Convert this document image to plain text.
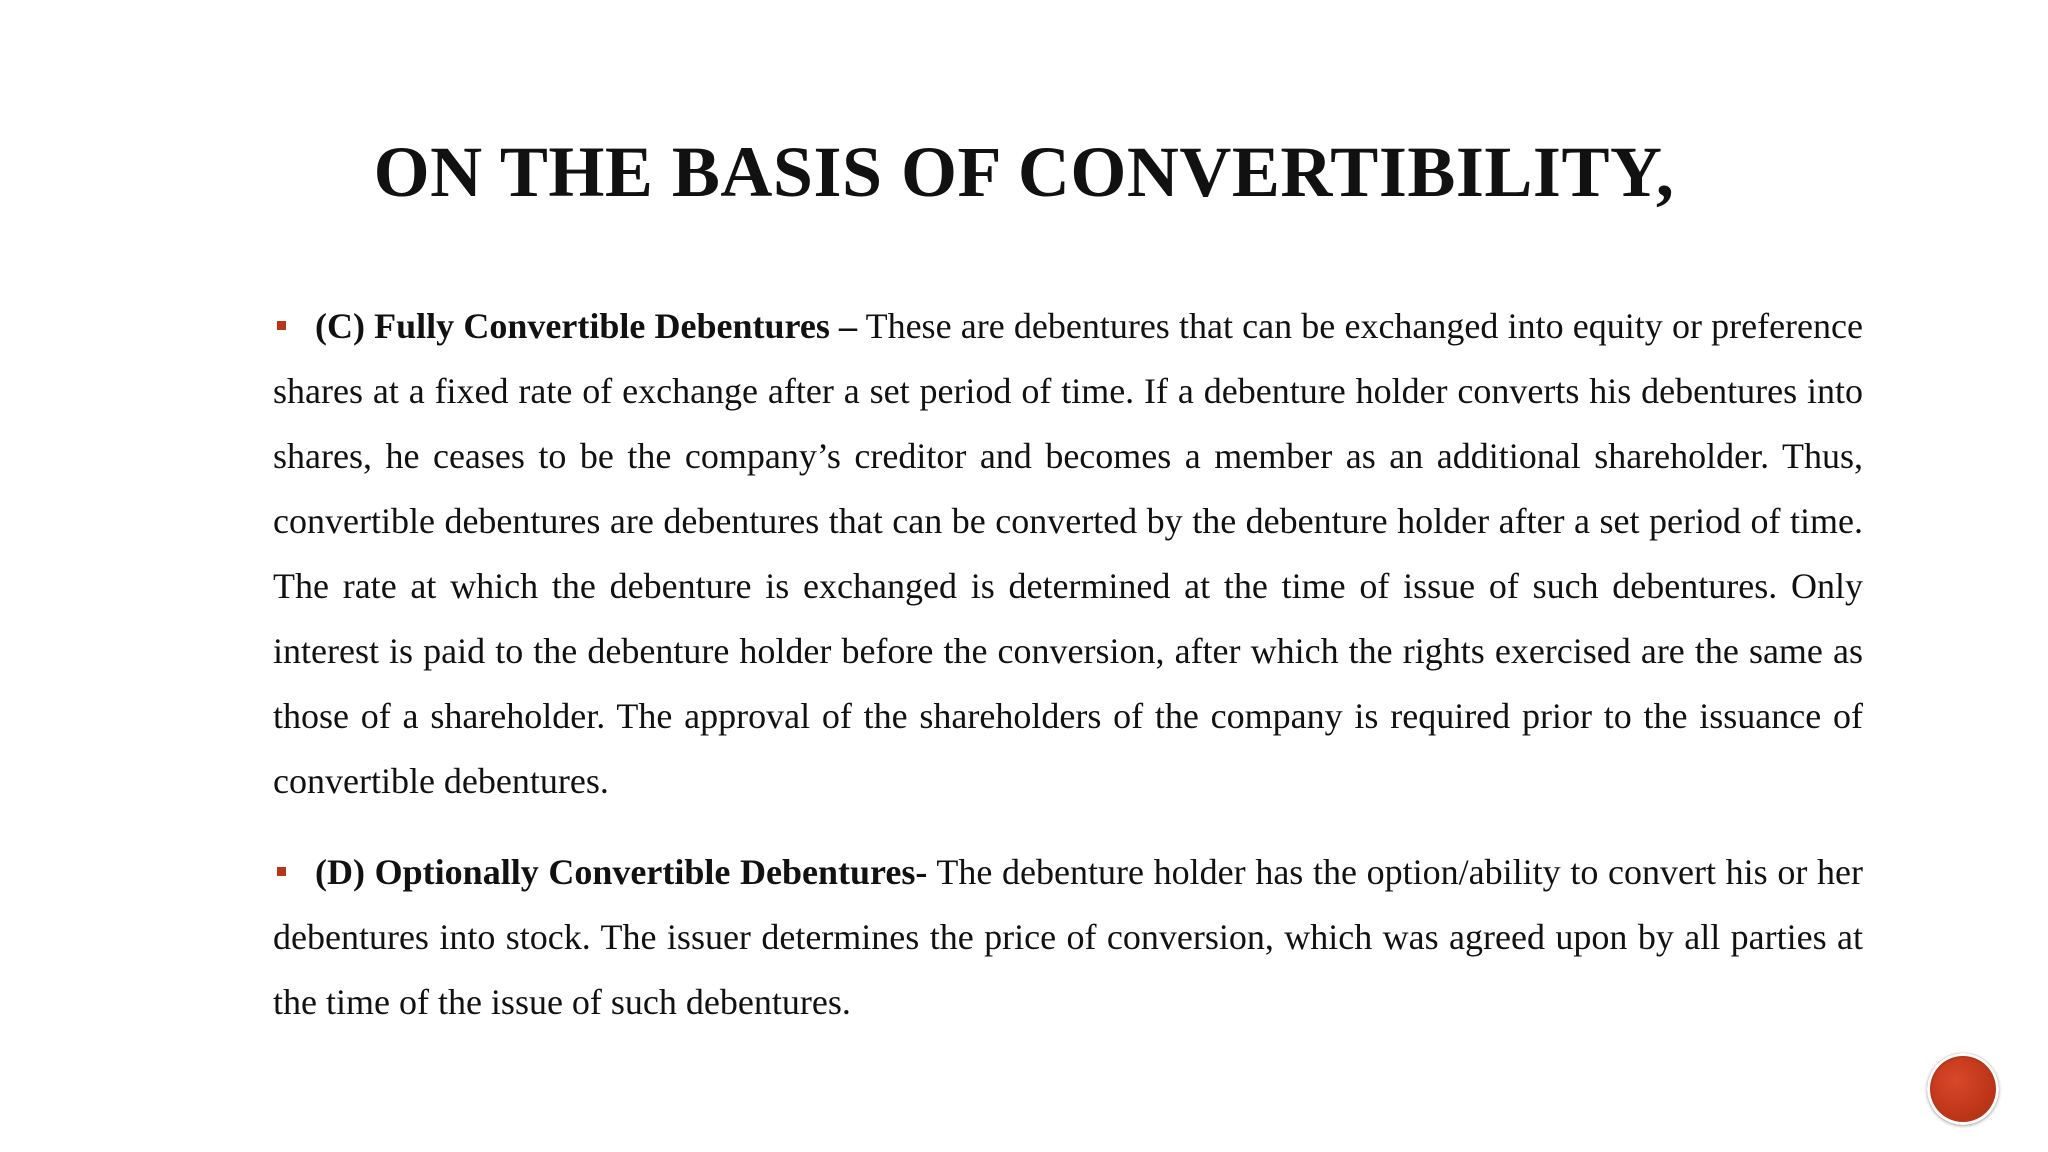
ON THE BASIS OF CONVERTIBILITY,

(C) Fully Convertible Debentures – These are debentures that can be exchanged into equity or preference shares at a fixed rate of exchange after a set period of time. If a debenture holder converts his debentures into shares, he ceases to be the company’s creditor and becomes a member as an additional shareholder. Thus, convertible debentures are debentures that can be converted by the debenture holder after a set period of time. The rate at which the debenture is exchanged is determined at the time of issue of such debentures. Only interest is paid to the debenture holder before the conversion, after which the rights exercised are the same as those of a shareholder. The approval of the shareholders of the company is required prior to the issuance of convertible debentures.

(D) Optionally Convertible Debentures- The debenture holder has the option/ability to convert his or her debentures into stock. The issuer determines the price of conversion, which was agreed upon by all parties at the time of the issue of such debentures.
